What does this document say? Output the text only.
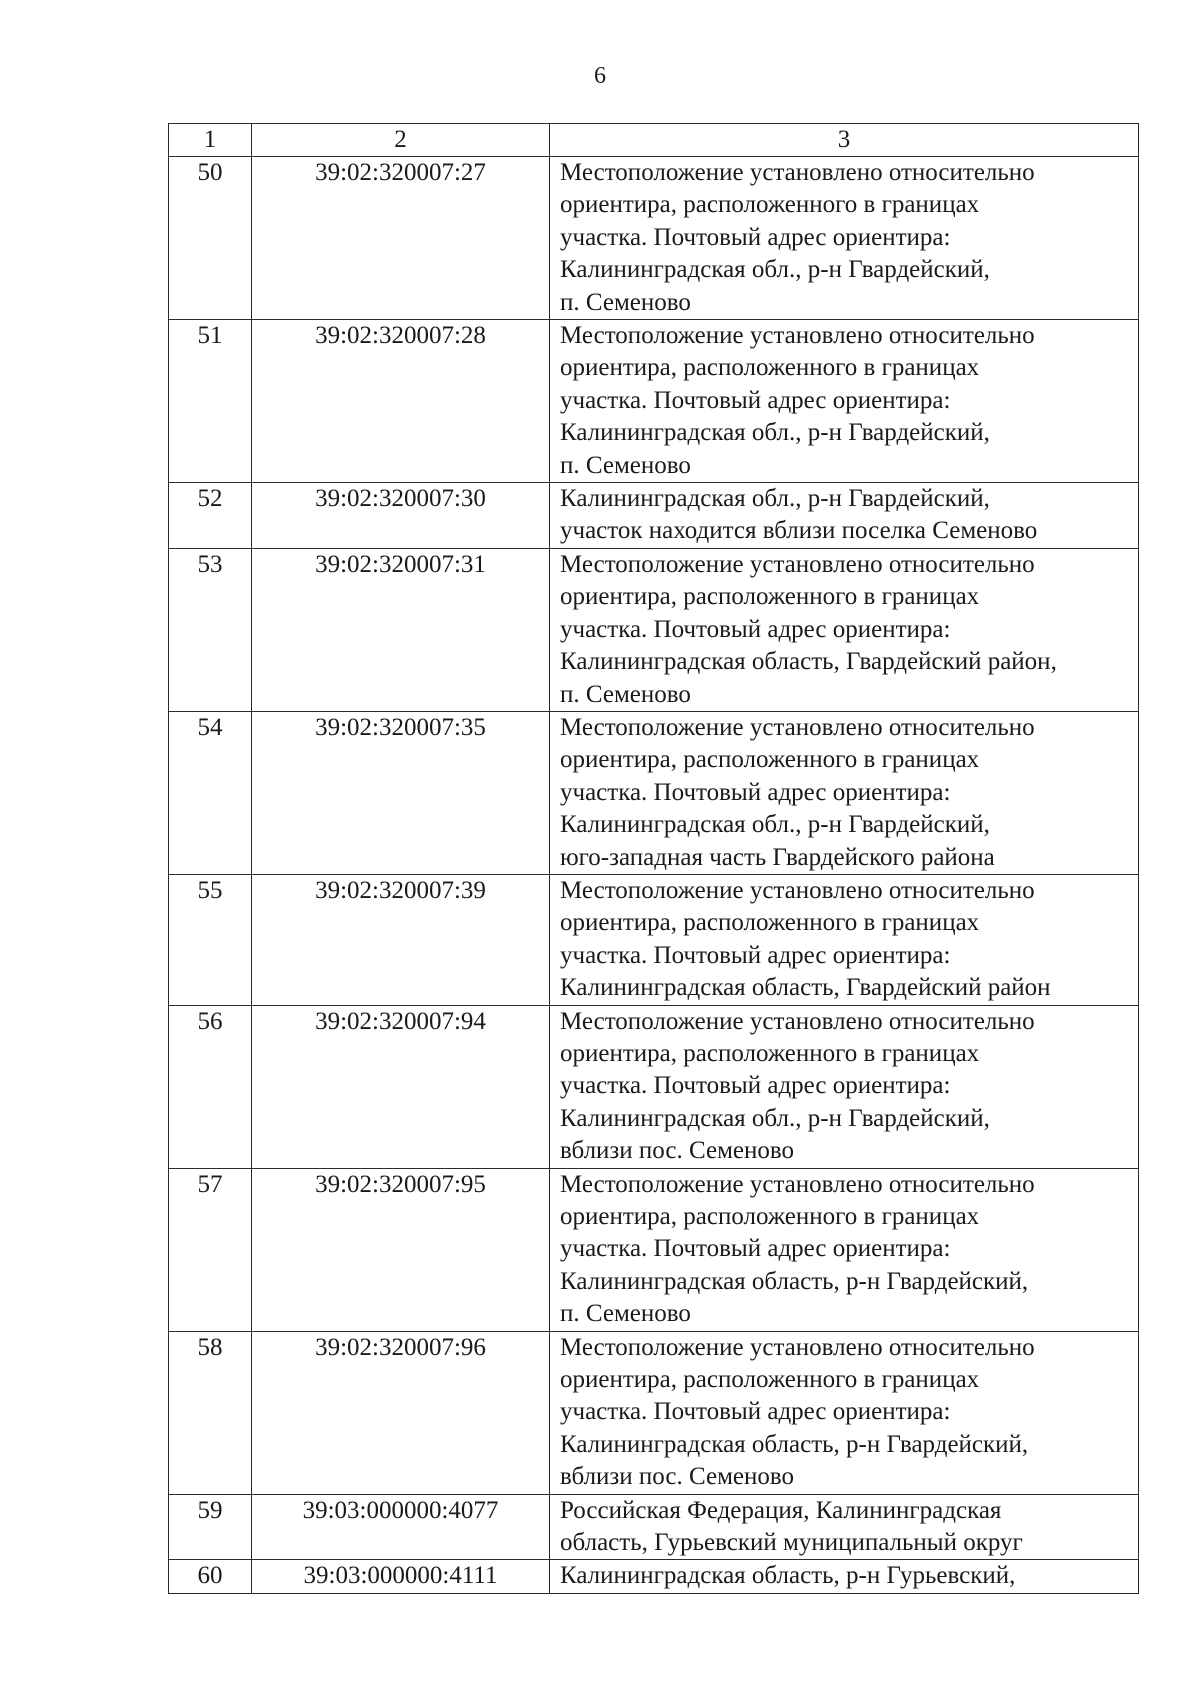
6
1	2	3
50	39:02:320007:27	Местоположение установлено относительно
ориентира, расположенного в границах
участка. Почтовый адрес ориентира:
Калининградская обл., р-н Гвардейский,
п. Семеново
51	39:02:320007:28	Местоположение установлено относительно
ориентира, расположенного в границах
участка. Почтовый адрес ориентира:
Калининградская обл., р-н Гвардейский,
п. Семеново
52	39:02:320007:30	Калининградская обл., р-н Гвардейский,
участок находится вблизи поселка Семеново
53	39:02:320007:31	Местоположение установлено относительно
ориентира, расположенного в границах
участка. Почтовый адрес ориентира:
Калининградская область, Гвардейский район,
п. Семеново
54	39:02:320007:35	Местоположение установлено относительно
ориентира, расположенного в границах
участка. Почтовый адрес ориентира:
Калининградская обл., р-н Гвардейский,
юго-западная часть Гвардейского района
55	39:02:320007:39	Местоположение установлено относительно
ориентира, расположенного в границах
участка. Почтовый адрес ориентира:
Калининградская область, Гвардейский район
56	39:02:320007:94	Местоположение установлено относительно
ориентира, расположенного в границах
участка. Почтовый адрес ориентира:
Калининградская обл., р-н Гвардейский,
вблизи пос. Семеново
57	39:02:320007:95	Местоположение установлено относительно
ориентира, расположенного в границах
участка. Почтовый адрес ориентира:
Калининградская область, р-н Гвардейский,
п. Семеново
58	39:02:320007:96	Местоположение установлено относительно
ориентира, расположенного в границах
участка. Почтовый адрес ориентира:
Калининградская область, р-н Гвардейский,
вблизи пос. Семеново
59	39:03:000000:4077	Российская Федерация, Калининградская
область, Гурьевский муниципальный округ
60	39:03:000000:4111	Калининградская область, р-н Гурьевский,
